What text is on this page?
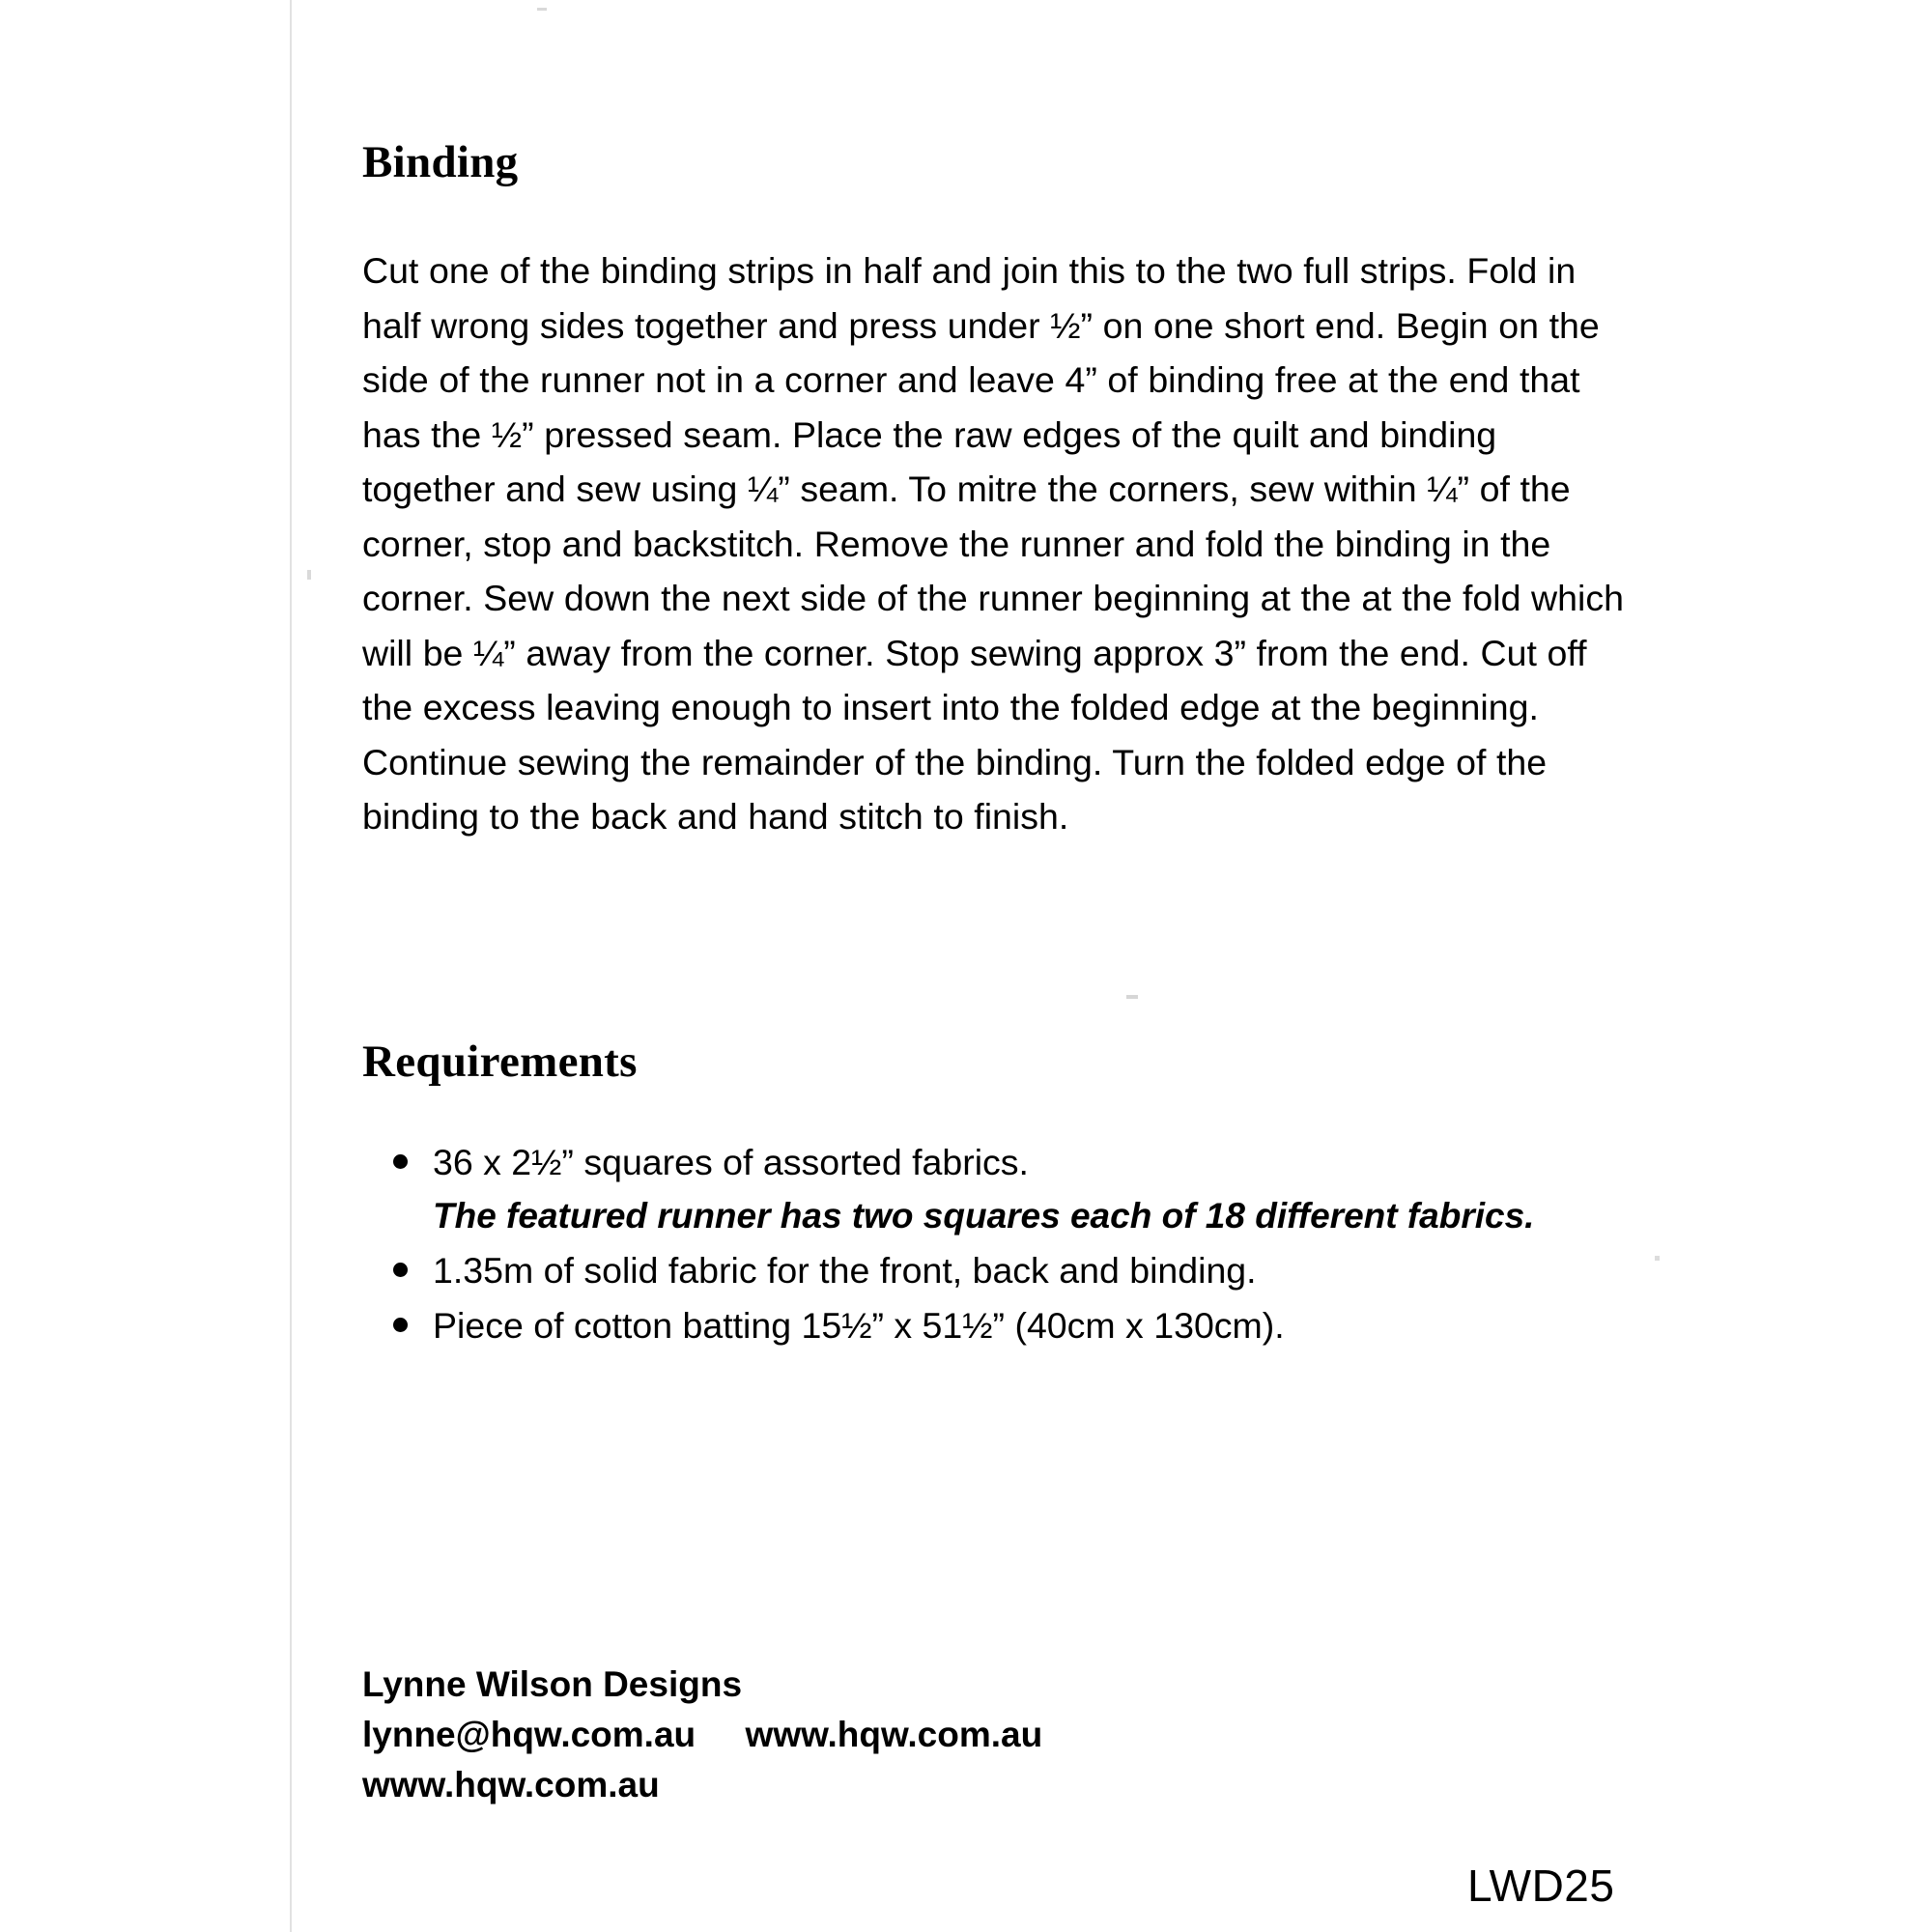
Binding

Cut one of the binding strips in half and join this to the two full strips. Fold in half wrong sides together and press under ½” on one short end. Begin on the side of the runner not in a corner and leave 4” of binding free at the end that has the ½” pressed seam. Place the raw edges of the quilt and binding together and sew using ¼” seam. To mitre the corners, sew within ¼” of the corner, stop and backstitch. Remove the runner and fold the binding in the corner. Sew down the next side of the runner beginning at the at the fold which will be ¼” away from the corner. Stop sewing approx 3” from the end. Cut off the excess leaving enough to insert into the folded edge at the beginning. Continue sewing the remainder of the binding. Turn the folded edge of the binding to the back and hand stitch to finish.

Requirements
36 x 2½” squares of assorted fabrics.
The featured runner has two squares each of 18 different fabrics.
1.35m of solid fabric for the front, back and binding.
Piece of cotton batting 15½” x 51½” (40cm x 130cm).
Lynne Wilson Designs
lynne@hqw.com.au     www.hqw.com.au
www.hqw.com.au
LWD25
